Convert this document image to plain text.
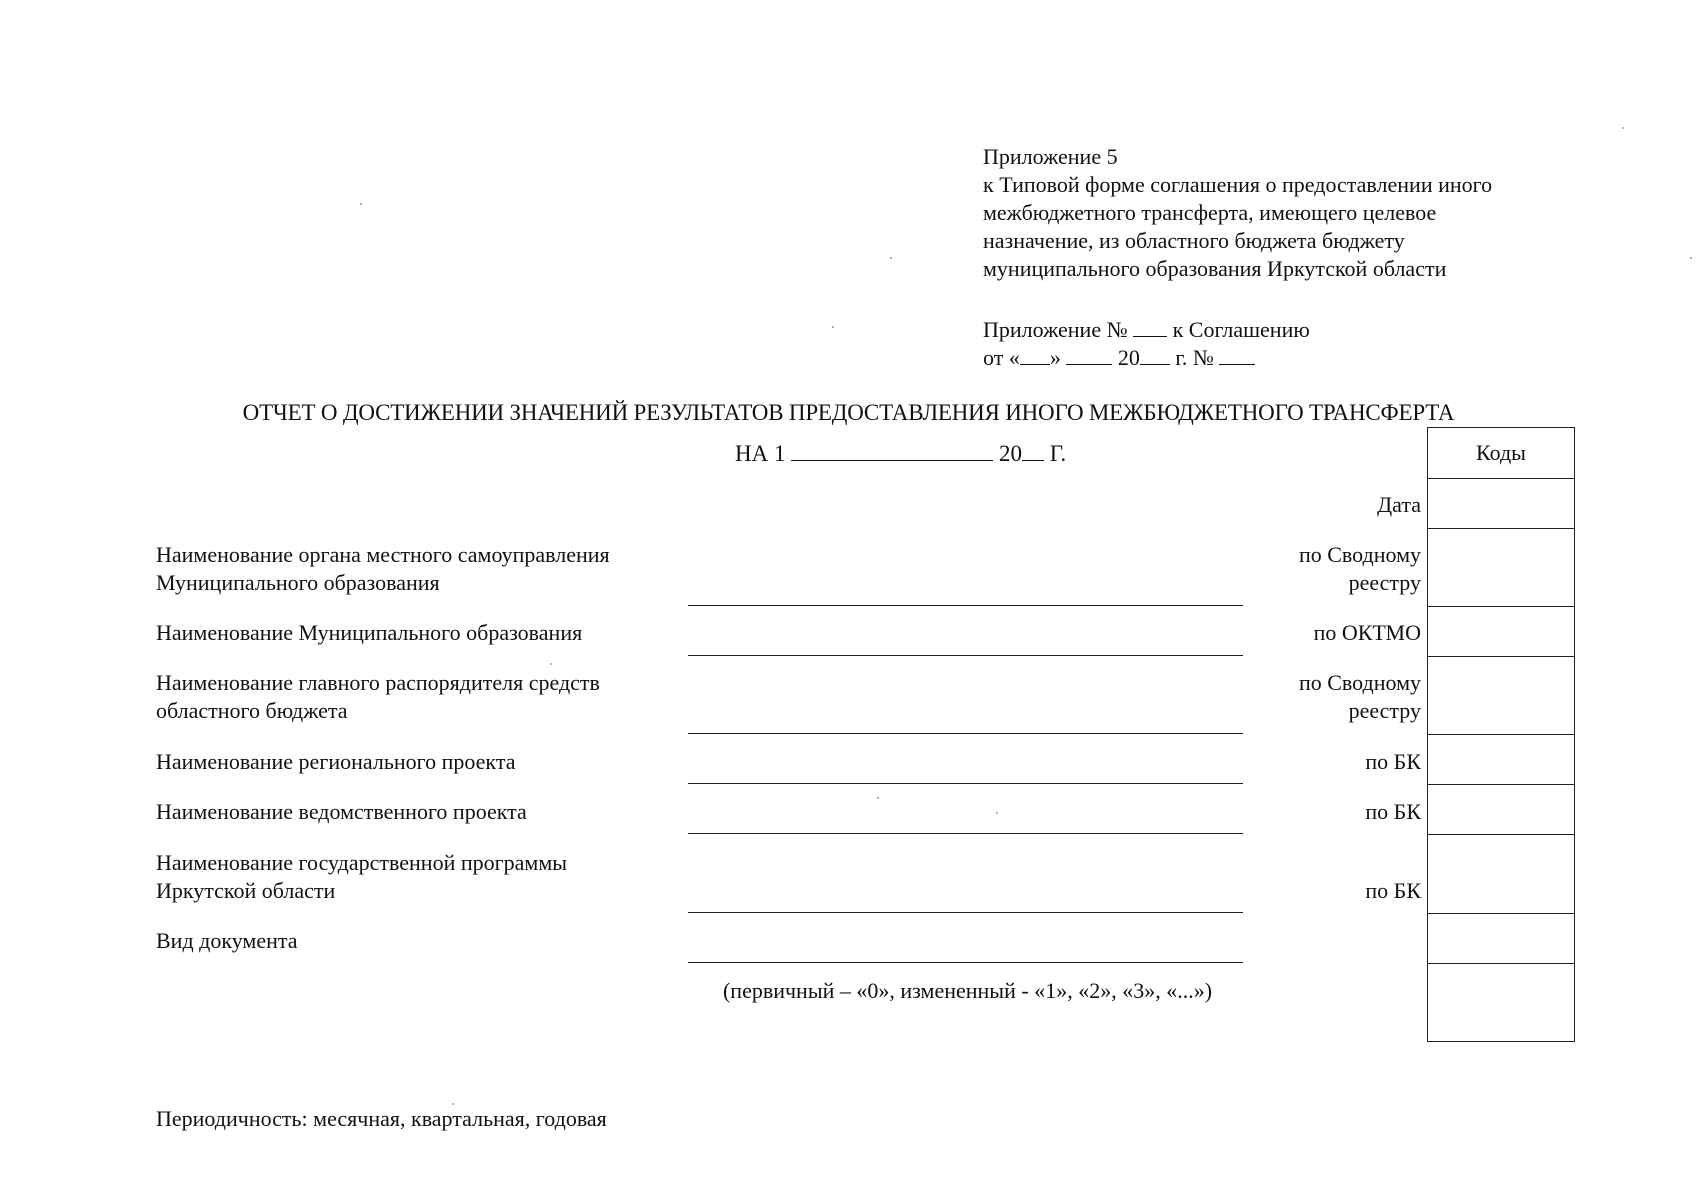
Приложение 5
к Типовой форме соглашения о предоставлении иного
межбюджетного трансферта, имеющего целевое
назначение, из областного бюджета бюджету
муниципального образования Иркутской области
Приложение № к Соглашению
от « »	20 г. №
ОТЧЕТ О ДОСТИЖЕНИИ ЗНАЧЕНИЙ РЕЗУЛЬТАТОВ ПРЕДОСТАВЛЕНИЯ ИНОГО МЕЖБЮДЖЕТНОГО ТРАНСФЕРТА
НА 1	20 Г.
Наименование органа местного самоуправления
Муниципального образования
Наименование Муниципального образования
Наименование главного распорядителя средств
областного бюджета
Наименование регионального проекта
Наименование ведомственного проекта
Наименование государственной программы
Иркутской области
Вид документа
(первичный – «0», измененный - «1», «2», «3», «...»)
Дата
по Сводному
реестру
по ОКТМО
по Сводному
реестру
по БК
по БК
по БК
Коды
Периодичность: месячная, квартальная, годовая
